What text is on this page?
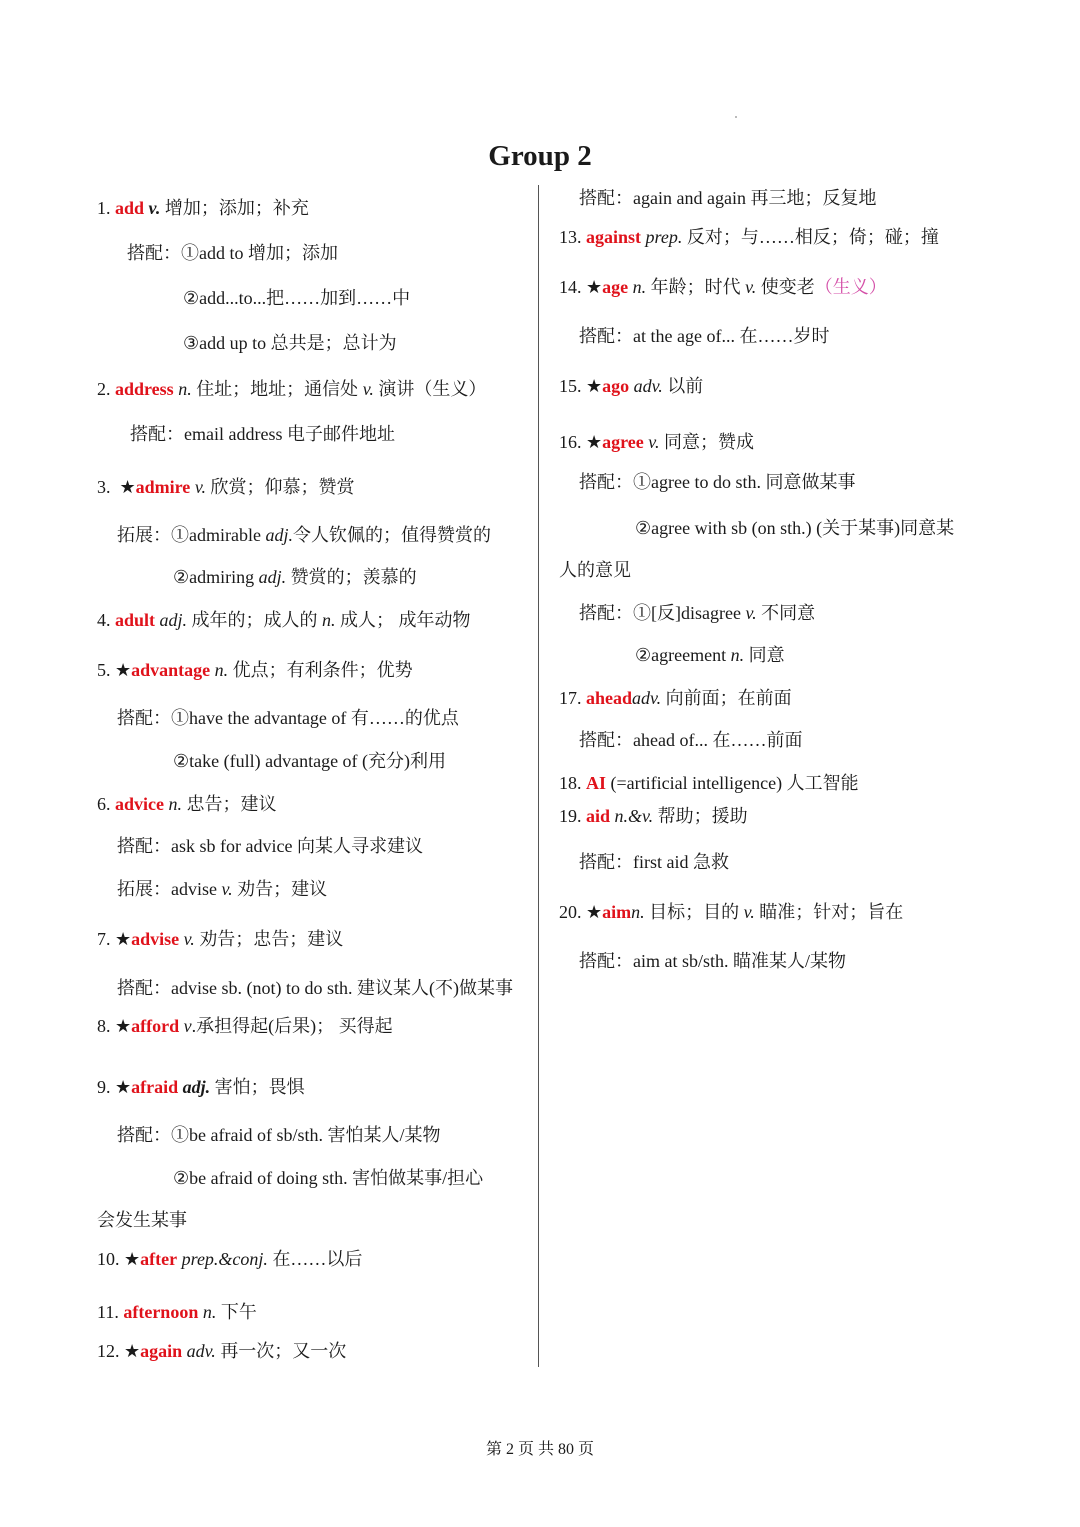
Group 2
1. add v. 增加；添加；补充
搭配：①add to 增加；添加
②add...to...把……加到……中
③add up to 总共是；总计为
2. address n. 住址；地址；通信处 v. 演讲（生义）
搭配：email address 电子邮件地址
3. ★admire v. 欣赏；仰慕；赞赏
拓展：①admirable adj.令人钦佩的；值得赞赏的
②admiring adj. 赞赏的；羡慕的
4. adult adj. 成年的；成人的 n. 成人； 成年动物
5. ★advantage n. 优点；有利条件；优势
搭配：①have the advantage of 有……的优点
②take (full) advantage of (充分)利用
6. advice n. 忠告；建议
搭配：ask sb for advice 向某人寻求建议
拓展：advise v. 劝告；建议
7. ★advise v. 劝告；忠告；建议
搭配：advise sb. (not) to do sth. 建议某人(不)做某事
8. ★afford v.承担得起(后果)； 买得起
9. ★afraid adj. 害怕；畏惧
搭配：①be afraid of sb/sth. 害怕某人/某物
②be afraid of doing sth. 害怕做某事/担心
会发生某事
10. ★after prep.&conj. 在……以后
11. afternoon n. 下午
12. ★again adv. 再一次；又一次
搭配：again and again 再三地；反复地
13. against prep. 反对；与……相反；倚；碰；撞
14. ★age n. 年龄；时代 v. 使变老（生义）
搭配：at the age of... 在……岁时
15. ★ago adv. 以前
16. ★agree v. 同意；赞成
搭配：①agree to do sth. 同意做某事
②agree with sb (on sth.) (关于某事)同意某
人的意见
搭配：①[反]disagree v. 不同意
②agreement n. 同意
17. aheadadv. 向前面；在前面
搭配：ahead of... 在……前面
18. AI (=artificial intelligence) 人工智能
19. aid n.&v. 帮助；援助
搭配：first aid 急救
20. ★aimn. 目标；目的 v. 瞄准；针对；旨在
搭配：aim at sb/sth. 瞄准某人/某物
第 2 页 共 80 页
